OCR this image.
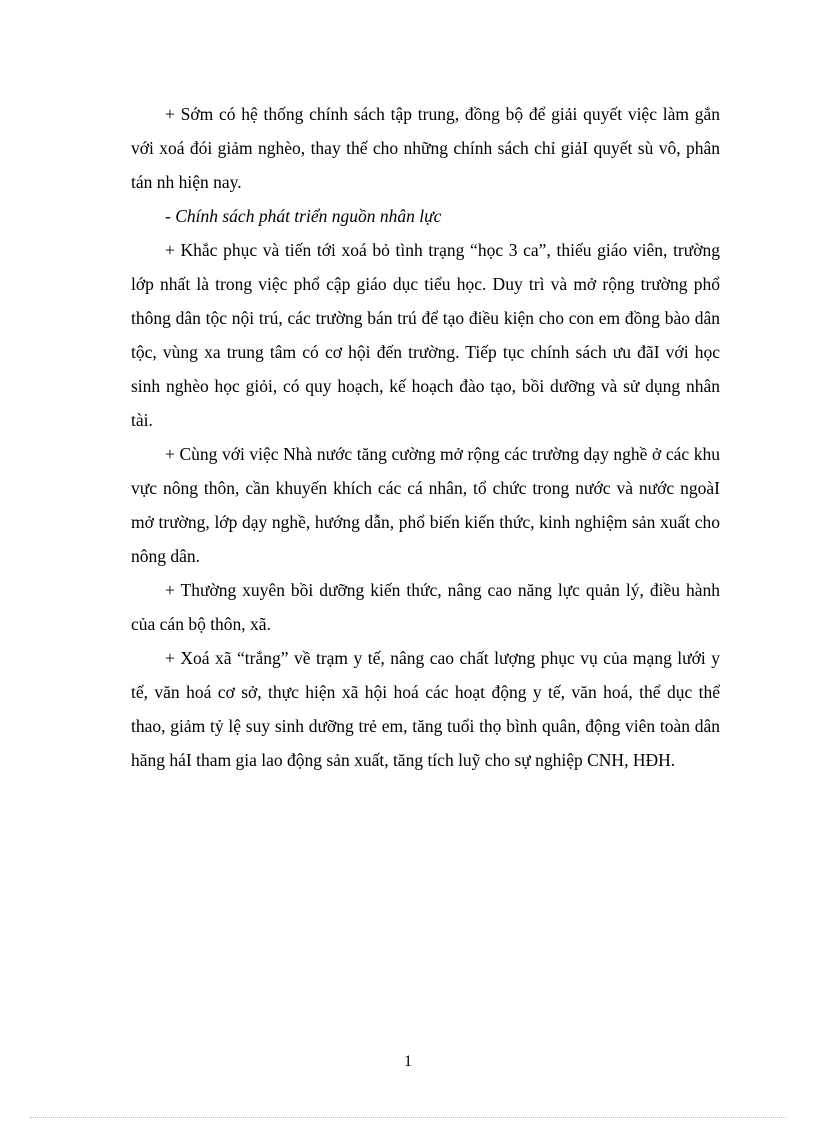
+ Sớm có hệ thống chính sách tập trung, đồng bộ để giải quyết việc làm gắn với xoá đói giảm nghèo, thay thế cho những chính sách chỉ giảI quyết sù vô, phân tán nh hiện nay.

- Chính sách phát triển nguồn nhân lực

+ Khắc phục và tiến tới xoá bỏ tình trạng “học 3 ca”, thiếu giáo viên, trường lớp nhất là trong việc phổ cập giáo dục tiểu học. Duy trì và mở rộng trường phổ thông dân tộc nội trú, các trường bán trú để tạo điều kiện cho con em đồng bào dân tộc, vùng xa trung tâm có cơ hội đến trường. Tiếp tục chính sách ưu đãI với học sinh nghèo học giỏi, có quy hoạch, kế hoạch đào tạo, bồi dưỡng và sử dụng nhân tài.

+ Cùng với việc Nhà nước tăng cường mở rộng các trường dạy nghề ở các khu vực nông thôn, cần khuyến khích các cá nhân, tổ chức trong nước và nước ngoàI mở trường, lớp dạy nghề, hướng dẫn, phổ biến kiến thức, kinh nghiệm sản xuất cho nông dân.

+ Thường xuyên bồi dưỡng kiến thức, nâng cao năng lực quản lý, điều hành của cán bộ thôn, xã.

+ Xoá xã “trắng” về trạm y tế, nâng cao chất lượng phục vụ của mạng lưới y tế, văn hoá cơ sở, thực hiện xã hội hoá các hoạt động y tế, văn hoá, thể dục thể thao, giảm tỷ lệ suy sinh dưỡng trẻ em, tăng tuổi thọ bình quân, động viên toàn dân hăng háI tham gia lao động sản xuất, tăng tích luỹ cho sự nghiệp CNH, HĐH.

1
